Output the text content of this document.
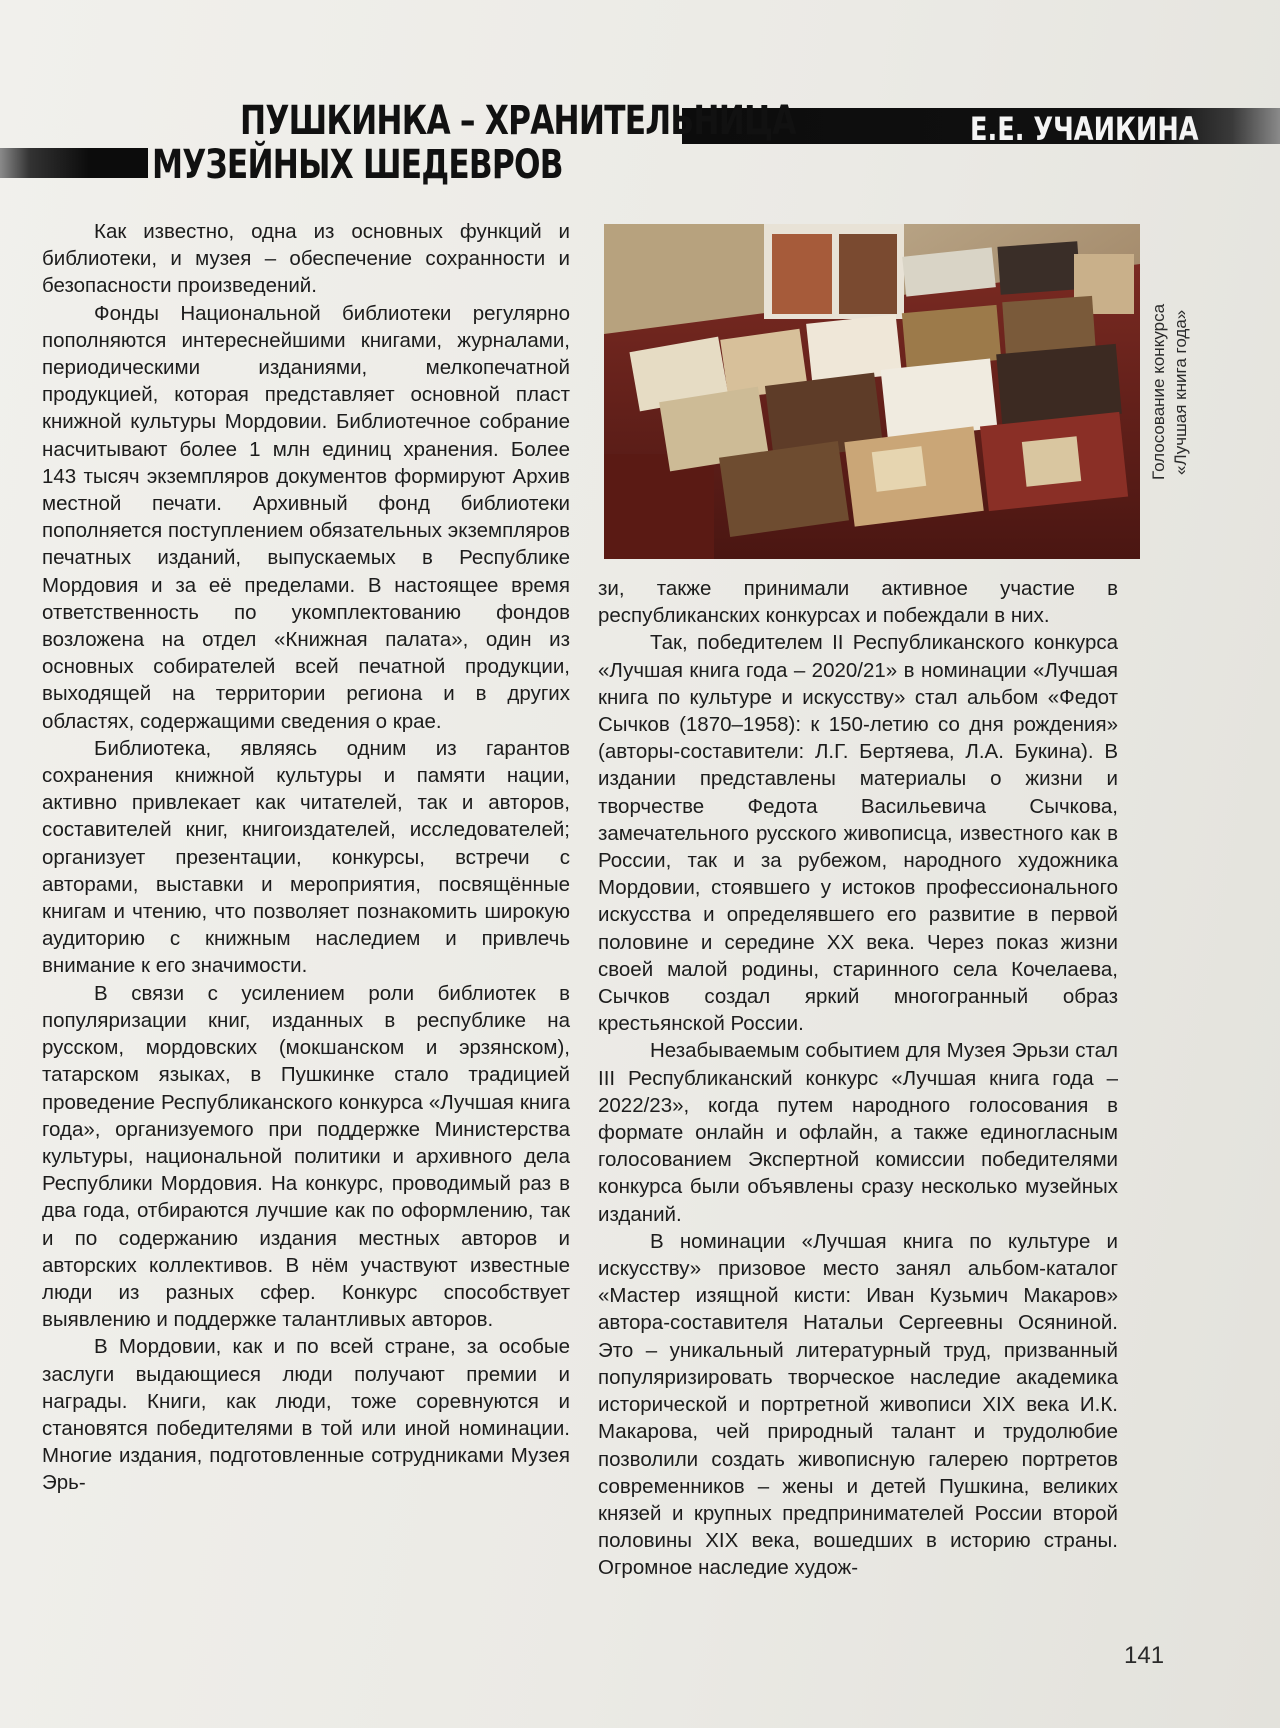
ПУШКИНКА – ХРАНИТЕЛЬНИЦА
МУЗЕЙНЫХ ШЕДЕВРОВ
Е.Е. УЧАИКИНА

Как известно, одна из основных функций и библиотеки, и музея – обеспечение сохранности и безопасности произведений.

Фонды Национальной библиотеки регулярно пополняются интереснейшими книгами, журналами, периодическими изданиями, мелкопечатной продукцией, которая представляет основной пласт книжной культуры Мордовии. Библиотечное собрание насчитывают более 1 млн единиц хранения. Более 143 тысяч экземпляров документов формируют Архив местной печати. Архивный фонд библиотеки пополняется поступлением обязательных экземпляров печатных изданий, выпускаемых в Республике Мордовия и за её пределами. В настоящее время ответственность по укомплектованию фондов возложена на отдел «Книжная палата», один из основных собирателей всей печатной продукции, выходящей на территории региона и в других областях, содержащими сведения о крае.

Библиотека, являясь одним из гарантов сохранения книжной культуры и памяти нации, активно привлекает как читателей, так и авторов, составителей книг, книгоиздателей, исследователей; организует презентации, конкурсы, встречи с авторами, выставки и мероприятия, посвящённые книгам и чтению, что позволяет познакомить широкую аудиторию с книжным наследием и привлечь внимание к его значимости.

В связи с усилением роли библиотек в популяризации книг, изданных в республике на русском, мордовских (мокшанском и эрзянском), татарском языках, в Пушкинке стало традицией проведение Республиканского конкурса «Лучшая книга года», организуемого при поддержке Министерства культуры, национальной политики и архивного дела Республики Мордовия. На конкурс, проводимый раз в два года, отбираются лучшие как по оформлению, так и по содержанию издания местных авторов и авторских коллективов. В нём участвуют известные люди из разных сфер. Конкурс способствует выявлению и поддержке талантливых авторов.

В Мордовии, как и по всей стране, за особые заслуги выдающиеся люди получают премии и награды. Книги, как люди, тоже соревнуются и становятся победителями в той или иной номинации. Многие издания, подготовленные сотрудниками Музея Эрь-

Голосование конкурса «Лучшая книга года»

зи, также принимали активное участие в республиканских конкурсах и побеждали в них.

Так, победителем II Республиканского конкурса «Лучшая книга года – 2020/21» в номинации «Лучшая книга по культуре и искусству» стал альбом «Федот Сычков (1870–1958): к 150-летию со дня рождения» (авторы-составители: Л.Г. Бертяева, Л.А. Букина). В издании представлены материалы о жизни и творчестве Федота Васильевича Сычкова, замечательного русского живописца, известного как в России, так и за рубежом, народного художника Мордовии, стоявшего у истоков профессионального искусства и определявшего его развитие в первой половине и середине XX века. Через показ жизни своей малой родины, старинного села Кочелаева, Сычков создал яркий многогранный образ крестьянской России.

Незабываемым событием для Музея Эрьзи стал III Республиканский конкурс «Лучшая книга года – 2022/23», когда путем народного голосования в формате онлайн и офлайн, а также единогласным голосованием Экспертной комиссии победителями конкурса были объявлены сразу несколько музейных изданий.

В номинации «Лучшая книга по культуре и искусству» призовое место занял альбом-каталог «Мастер изящной кисти: Иван Кузьмич Макаров» автора-составителя Натальи Сергеевны Осяниной. Это – уникальный литературный труд, призванный популяризировать творческое наследие академика исторической и портретной живописи XIX века И.К. Макарова, чей природный талант и трудолюбие позволили создать живописную галерею портретов современников – жены и детей Пушкина, великих князей и крупных предпринимателей России второй половины XIX века, вошедших в историю страны. Огромное наследие худож-

141
